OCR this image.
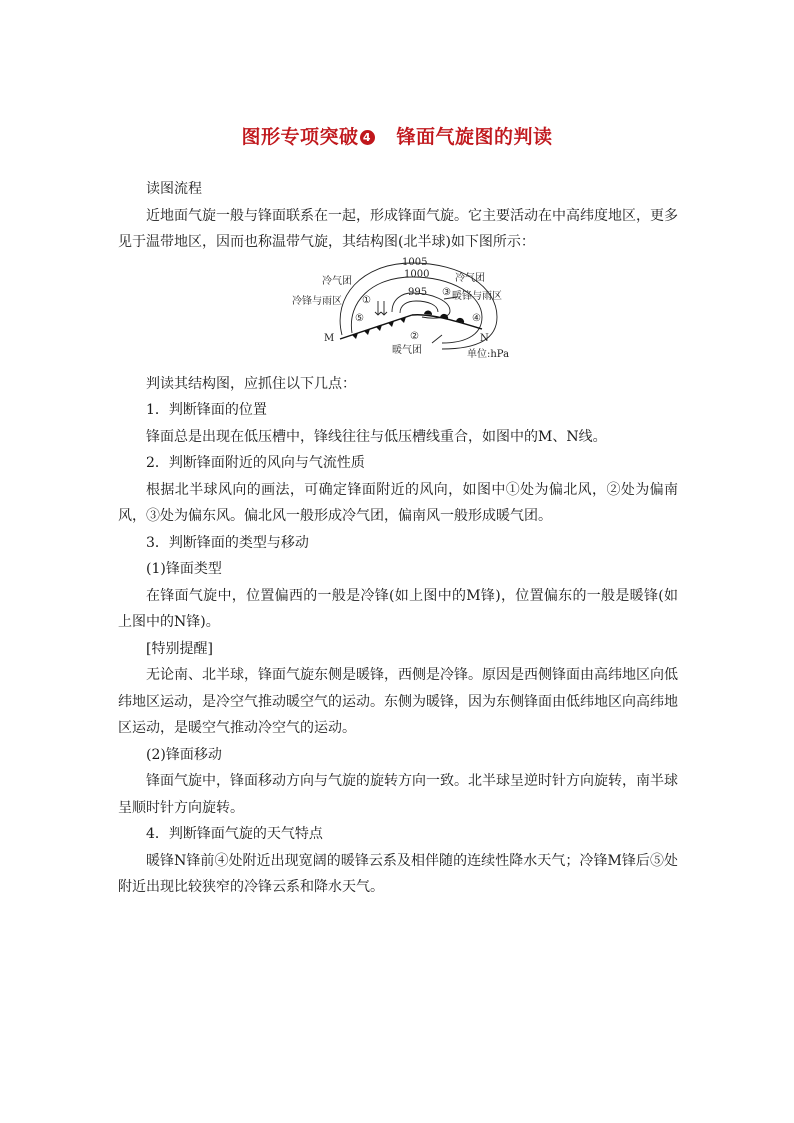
图形专项突破 4 锋面气旋图的判读

读图流程

近地面气旋一般与锋面联系在一起，形成锋面气旋。它主要活动在中高纬度地区，更多见于温带地区，因而也称温带气旋，其结构图(北半球)如下图所示：

1005
1000
995
冷气团	冷气团
冷锋与雨区	暖锋与雨区
暖气团
M	N
单位:hPa
①
②
③
④
⑤

判读其结构图，应抓住以下几点：

1．判断锋面的位置

锋面总是出现在低压槽中，锋线往往与低压槽线重合，如图中的M、N线。

2．判断锋面附近的风向与气流性质

根据北半球风向的画法，可确定锋面附近的风向，如图中①处为偏北风，②处为偏南风，③处为偏东风。偏北风一般形成冷气团，偏南风一般形成暖气团。

3．判断锋面的类型与移动

(1)锋面类型

在锋面气旋中，位置偏西的一般是冷锋(如上图中的M锋)，位置偏东的一般是暖锋(如上图中的N锋)。

[特别提醒]

无论南、北半球，锋面气旋东侧是暖锋，西侧是冷锋。原因是西侧锋面由高纬地区向低纬地区运动，是冷空气推动暖空气的运动。东侧为暖锋，因为东侧锋面由低纬地区向高纬地区运动，是暖空气推动冷空气的运动。

(2)锋面移动

锋面气旋中，锋面移动方向与气旋的旋转方向一致。北半球呈逆时针方向旋转，南半球呈顺时针方向旋转。

4．判断锋面气旋的天气特点

暖锋N锋前④处附近出现宽阔的暖锋云系及相伴随的连续性降水天气；冷锋M锋后⑤处附近出现比较狭窄的冷锋云系和降水天气。
